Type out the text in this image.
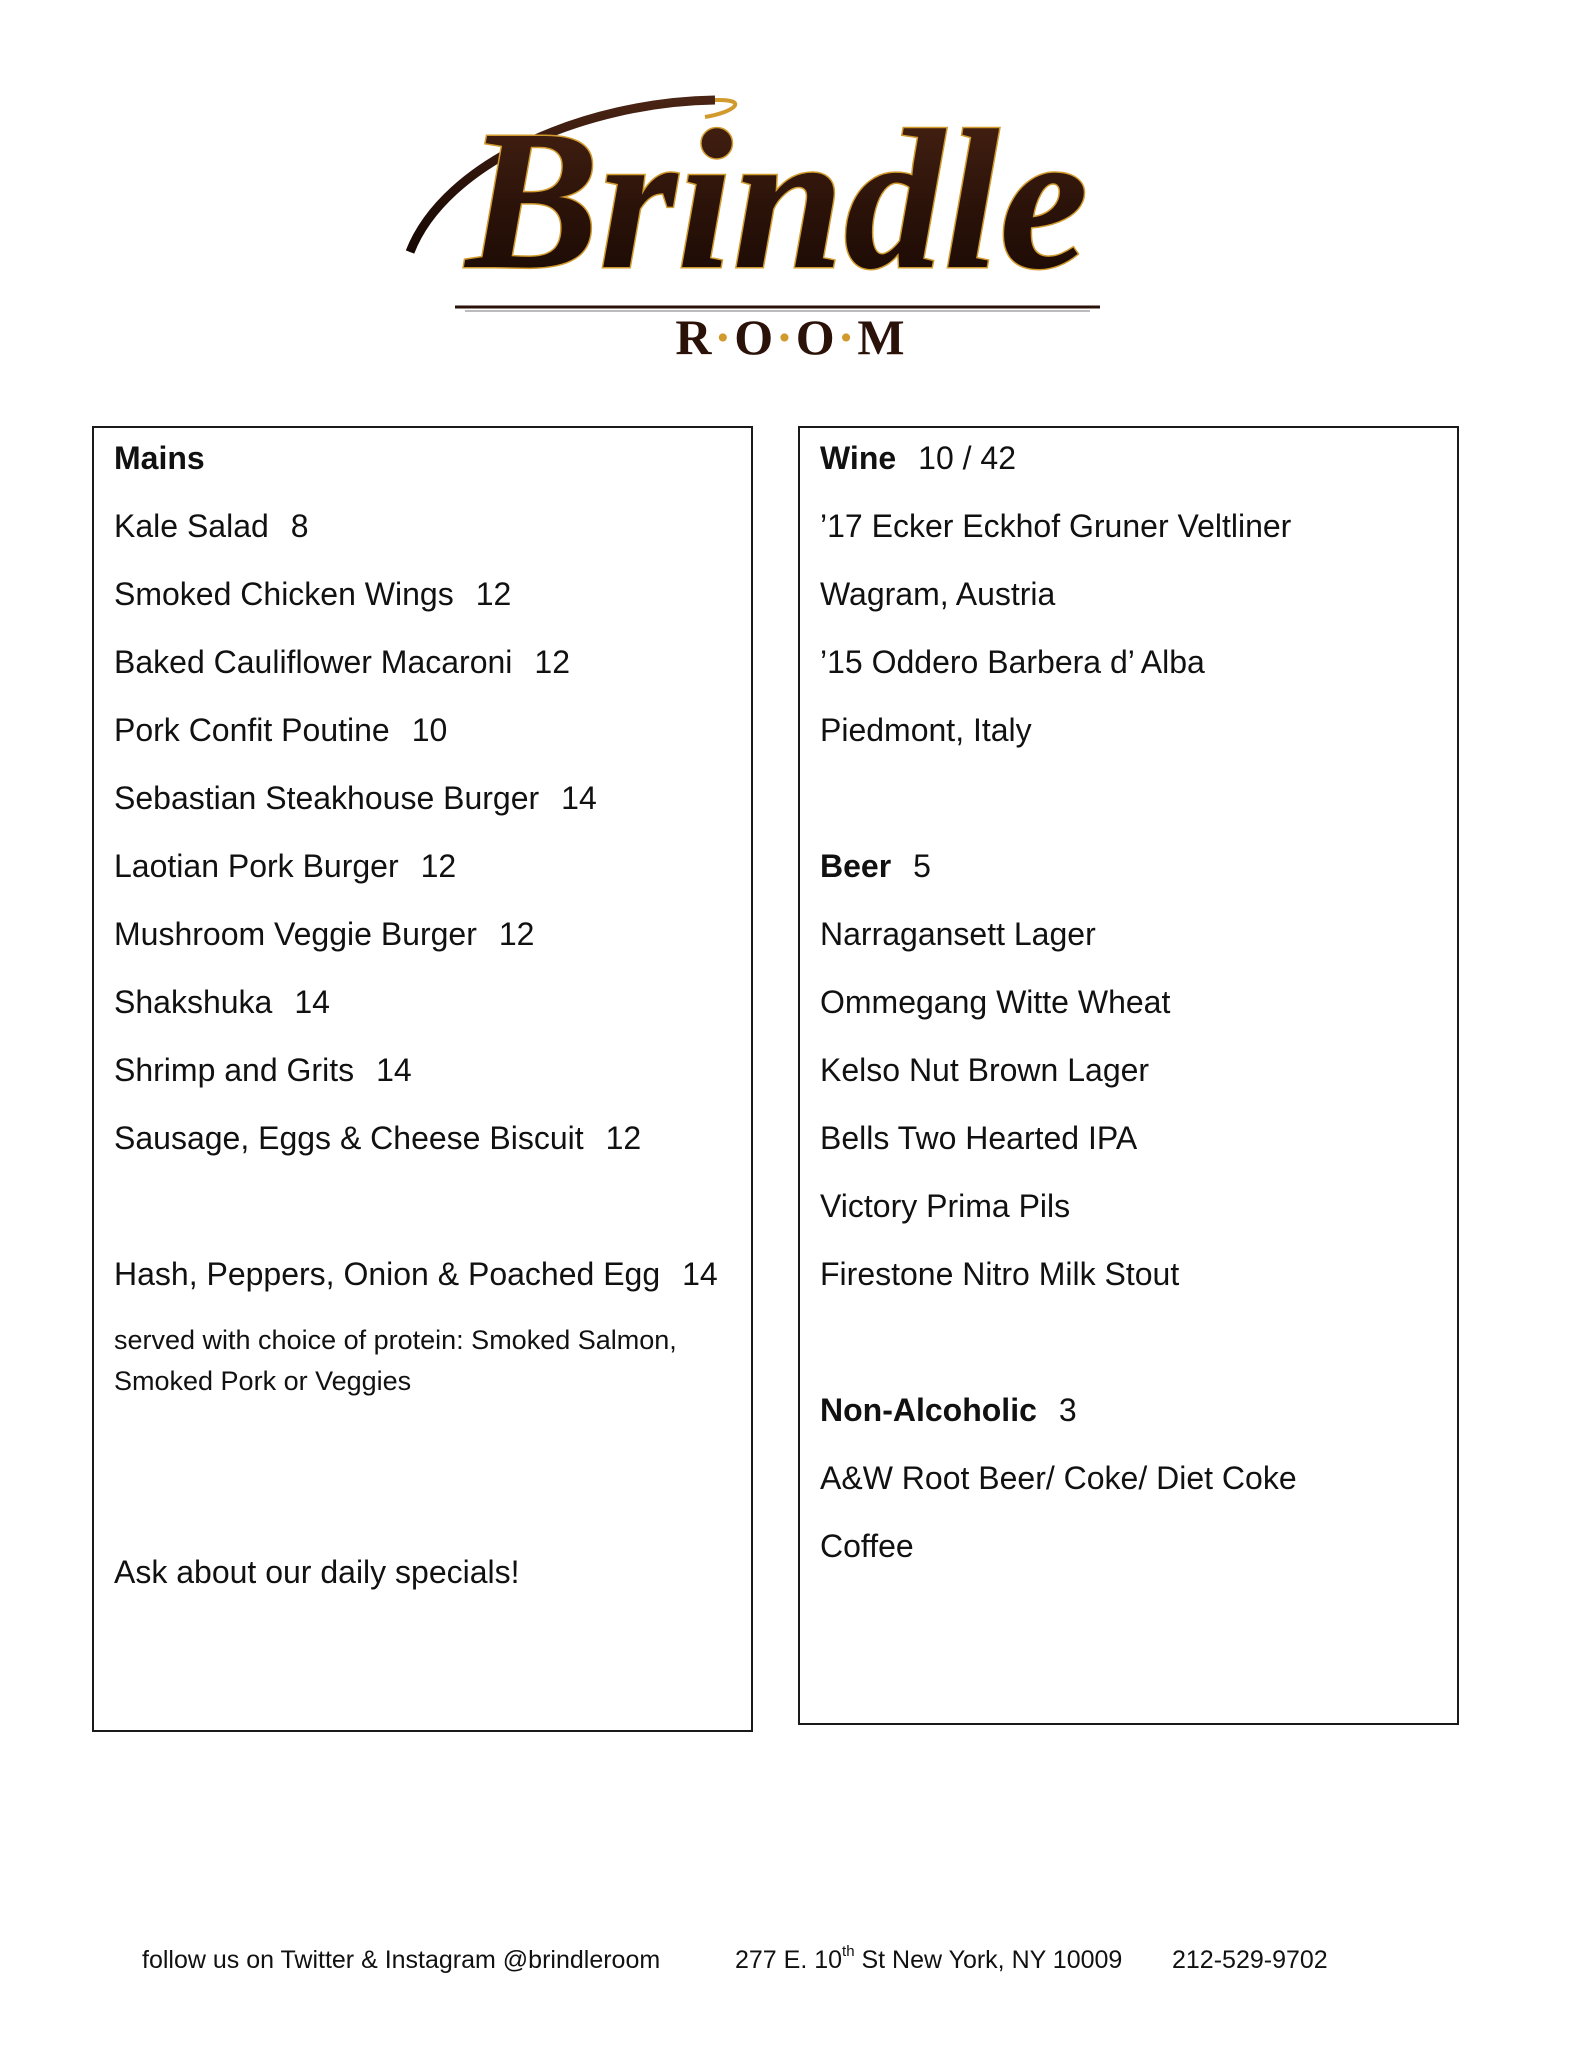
Brindle
R·O·O·M
Mains
Kale Salad 8
Smoked Chicken Wings 12
Baked Cauliflower Macaroni 12
Pork Confit Poutine 10
Sebastian Steakhouse Burger 14
Laotian Pork Burger 12
Mushroom Veggie Burger 12
Shakshuka 14
Shrimp and Grits 14
Sausage, Eggs & Cheese Biscuit 12
Hash, Peppers, Onion & Poached Egg 14
served with choice of protein: Smoked Salmon,
Smoked Pork or Veggies
Ask about our daily specials!
Wine 10 / 42
’17 Ecker Eckhof Gruner Veltliner
Wagram, Austria
’15 Oddero Barbera d’ Alba
Piedmont, Italy
Beer 5
Narragansett Lager
Ommegang Witte Wheat
Kelso Nut Brown Lager
Bells Two Hearted IPA
Victory Prima Pils
Firestone Nitro Milk Stout
Non-Alcoholic 3
A&W Root Beer/ Coke/ Diet Coke
Coffee
follow us on Twitter & Instagram @brindleroom	277 E. 10th St New York, NY 10009 212-529-9702
